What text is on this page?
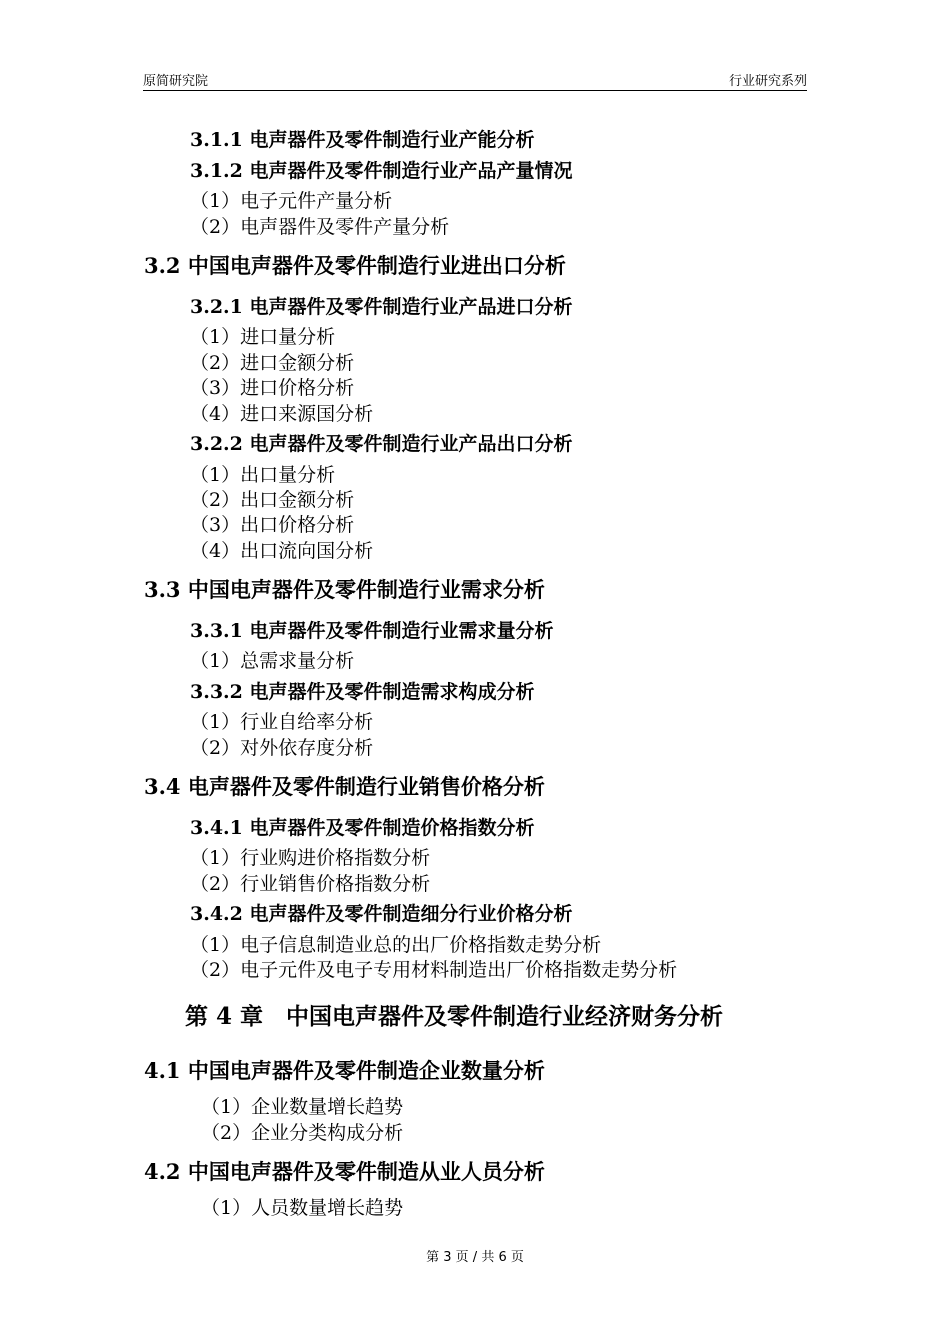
原简研究院	行业研究系列
3.1.1 电声器件及零件制造行业产能分析
3.1.2 电声器件及零件制造行业产品产量情况
（1）电子元件产量分析
（2）电声器件及零件产量分析
3.2 中国电声器件及零件制造行业进出口分析
3.2.1 电声器件及零件制造行业产品进口分析
（1）进口量分析
（2）进口金额分析
（3）进口价格分析
（4）进口来源国分析
3.2.2 电声器件及零件制造行业产品出口分析
（1）出口量分析
（2）出口金额分析
（3）出口价格分析
（4）出口流向国分析
3.3 中国电声器件及零件制造行业需求分析
3.3.1 电声器件及零件制造行业需求量分析
（1）总需求量分析
3.3.2 电声器件及零件制造需求构成分析
（1）行业自给率分析
（2）对外依存度分析
3.4 电声器件及零件制造行业销售价格分析
3.4.1 电声器件及零件制造价格指数分析
（1）行业购进价格指数分析
（2）行业销售价格指数分析
3.4.2 电声器件及零件制造细分行业价格分析
（1）电子信息制造业总的出厂价格指数走势分析
（2）电子元件及电子专用材料制造出厂价格指数走势分析
第 4 章　中国电声器件及零件制造行业经济财务分析
4.1 中国电声器件及零件制造企业数量分析
（1）企业数量增长趋势
（2）企业分类构成分析
4.2 中国电声器件及零件制造从业人员分析
（1）人员数量增长趋势
第 3 页 / 共 6 页
